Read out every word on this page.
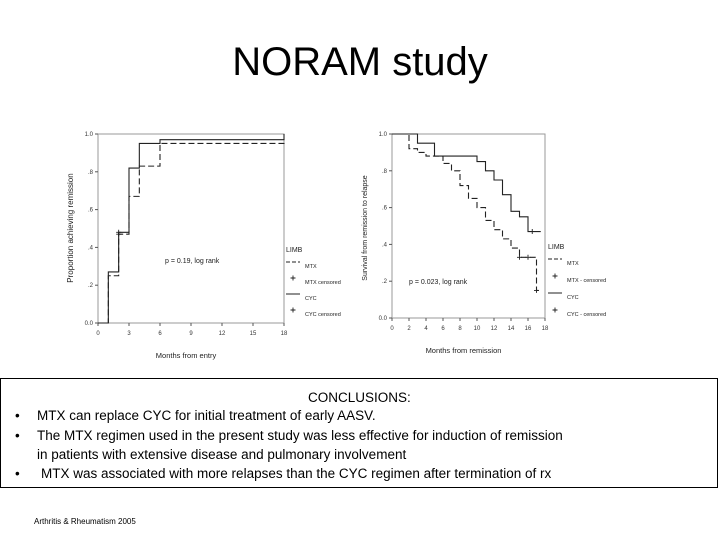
NORAM study
0	3	6	9	12	15	18
0.0
.2
.4
.6
.8
1.0
Months from entry
Proportion achieving remission	p = 0.19, log rank
LIMB
MTX
MTX censored
CYC
CYC censored
0 2 4 6 8 10 12 14 16 18
0.0
.2
.4
.6
.8
1.0
Months from remission
Survival from remission to relapse
p = 0.023, log rank
LIMB
MTX
MTX - censored
CYC
CYC - censored
CONCLUSIONS:
• MTX can replace CYC for initial treatment of early AASV.
• The MTX regimen used in the present study was less effective for induction of remission
in patients with extensive disease and pulmonary involvement
• MTX was associated with more relapses than the CYC regimen after termination of rx
Arthritis & Rheumatism 2005
